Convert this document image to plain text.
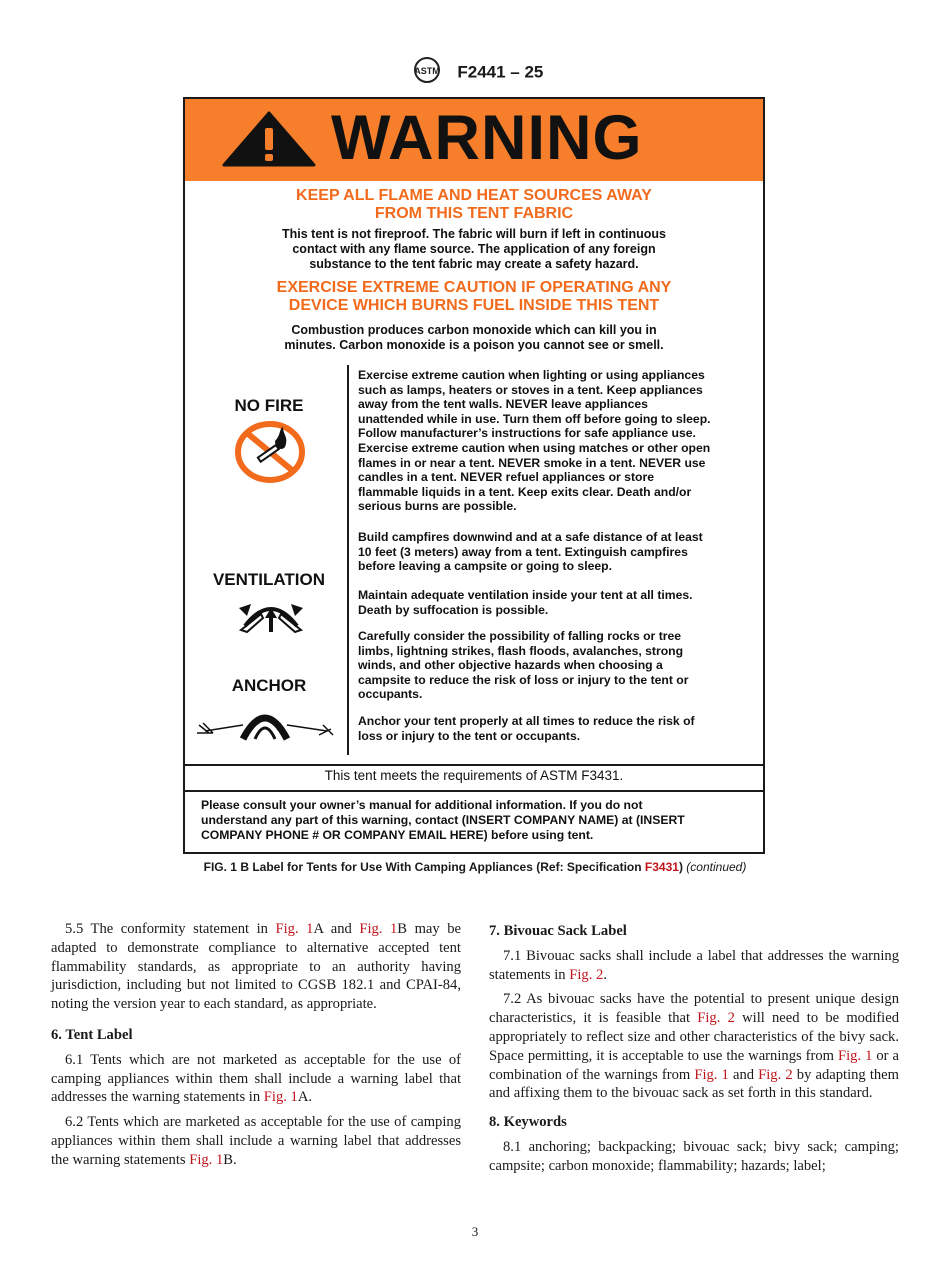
ASTM F2441 – 25
WARNING
KEEP ALL FLAME AND HEAT SOURCES AWAY
FROM THIS TENT FABRIC
This tent is not fireproof. The fabric will burn if left in continuous
contact with any flame source. The application of any foreign
substance to the tent fabric may create a safety hazard.
EXERCISE EXTREME CAUTION IF OPERATING ANY
DEVICE WHICH BURNS FUEL INSIDE THIS TENT
Combustion produces carbon monoxide which can kill you in
minutes. Carbon monoxide is a poison you cannot see or smell.
NO FIRE
VENTILATION
ANCHOR
Exercise extreme caution when lighting or using appliances
such as lamps, heaters or stoves in a tent. Keep appliances
away from the tent walls. NEVER leave appliances
unattended while in use. Turn them off before going to sleep.
Follow manufacturer’s instructions for safe appliance use.
Exercise extreme caution when using matches or other open
flames in or near a tent. NEVER smoke in a tent. NEVER use
candles in a tent. NEVER refuel appliances or store
flammable liquids in a tent. Keep exits clear. Death and/or
serious burns are possible.
Build campfires downwind and at a safe distance of at least
10 feet (3 meters) away from a tent. Extinguish campfires
before leaving a campsite or going to sleep.
Maintain adequate ventilation inside your tent at all times.
Death by suffocation is possible.
Carefully consider the possibility of falling rocks or tree
limbs, lightning strikes, flash floods, avalanches, strong
winds, and other objective hazards when choosing a
campsite to reduce the risk of loss or injury to the tent or
occupants.
Anchor your tent properly at all times to reduce the risk of
loss or injury to the tent or occupants.
This tent meets the requirements of ASTM F3431.
Please consult your owner’s manual for additional information. If you do not
understand any part of this warning, contact (INSERT COMPANY NAME) at (INSERT
COMPANY PHONE # OR COMPANY EMAIL HERE) before using tent.
FIG. 1 B Label for Tents for Use With Camping Appliances (Ref: Specification F3431) (continued)

5.5 The conformity statement in Fig. 1A and Fig. 1B may be adapted to demonstrate compliance to alternative accepted tent flammability standards, as appropriate to an authority having jurisdiction, including but not limited to CGSB 182.1 and CPAI-84, noting the version year to each standard, as appropriate.

6. Tent Label

6.1 Tents which are not marketed as acceptable for the use of camping appliances within them shall include a warning label that addresses the warning statements in Fig. 1A.

6.2 Tents which are marketed as acceptable for the use of camping appliances within them shall include a warning label that addresses the warning statements Fig. 1B.

7. Bivouac Sack Label

7.1 Bivouac sacks shall include a label that addresses the warning statements in Fig. 2.

7.2 As bivouac sacks have the potential to present unique design characteristics, it is feasible that Fig. 2 will need to be modified appropriately to reflect size and other characteristics of the bivy sack. Space permitting, it is acceptable to use the warnings from Fig. 1 or a combination of the warnings from Fig. 1 and Fig. 2 by adapting them and affixing them to the bivouac sack as set forth in this standard.

8. Keywords

8.1 anchoring; backpacking; bivouac sack; bivy sack; camping; campsite; carbon monoxide; flammability; hazards; label;

3
